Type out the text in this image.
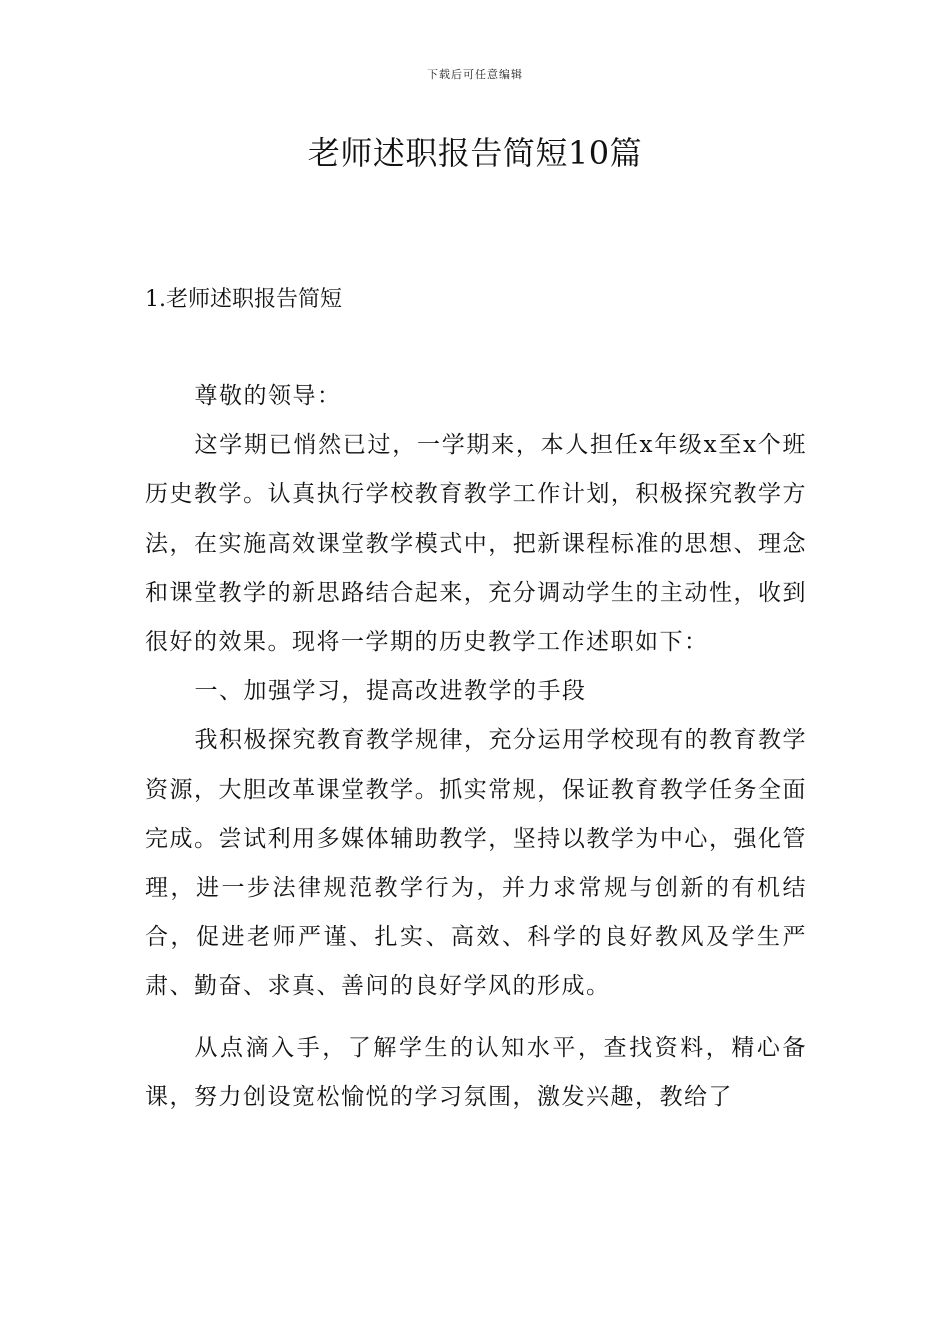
下载后可任意编辑
老师述职报告简短10篇
1.老师述职报告简短

尊敬的领导：

这学期已悄然已过，一学期来，本人担任x年级x至x个班历史教学。认真执行学校教育教学工作计划，积极探究教学方法，在实施高效课堂教学模式中，把新课程标准的思想、理念和课堂教学的新思路结合起来，充分调动学生的主动性，收到很好的效果。现将一学期的历史教学工作述职如下：

一、加强学习，提高改进教学的手段

我积极探究教育教学规律，充分运用学校现有的教育教学资源，大胆改革课堂教学。抓实常规，保证教育教学任务全面完成。尝试利用多媒体辅助教学，坚持以教学为中心，强化管理，进一步法律规范教学行为，并力求常规与创新的有机结合，促进老师严谨、扎实、高效、科学的良好教风及学生严肃、勤奋、求真、善问的良好学风的形成。

从点滴入手，了解学生的认知水平，查找资料，精心备课，努力创设宽松愉悦的学习氛围，激发兴趣，教给了
